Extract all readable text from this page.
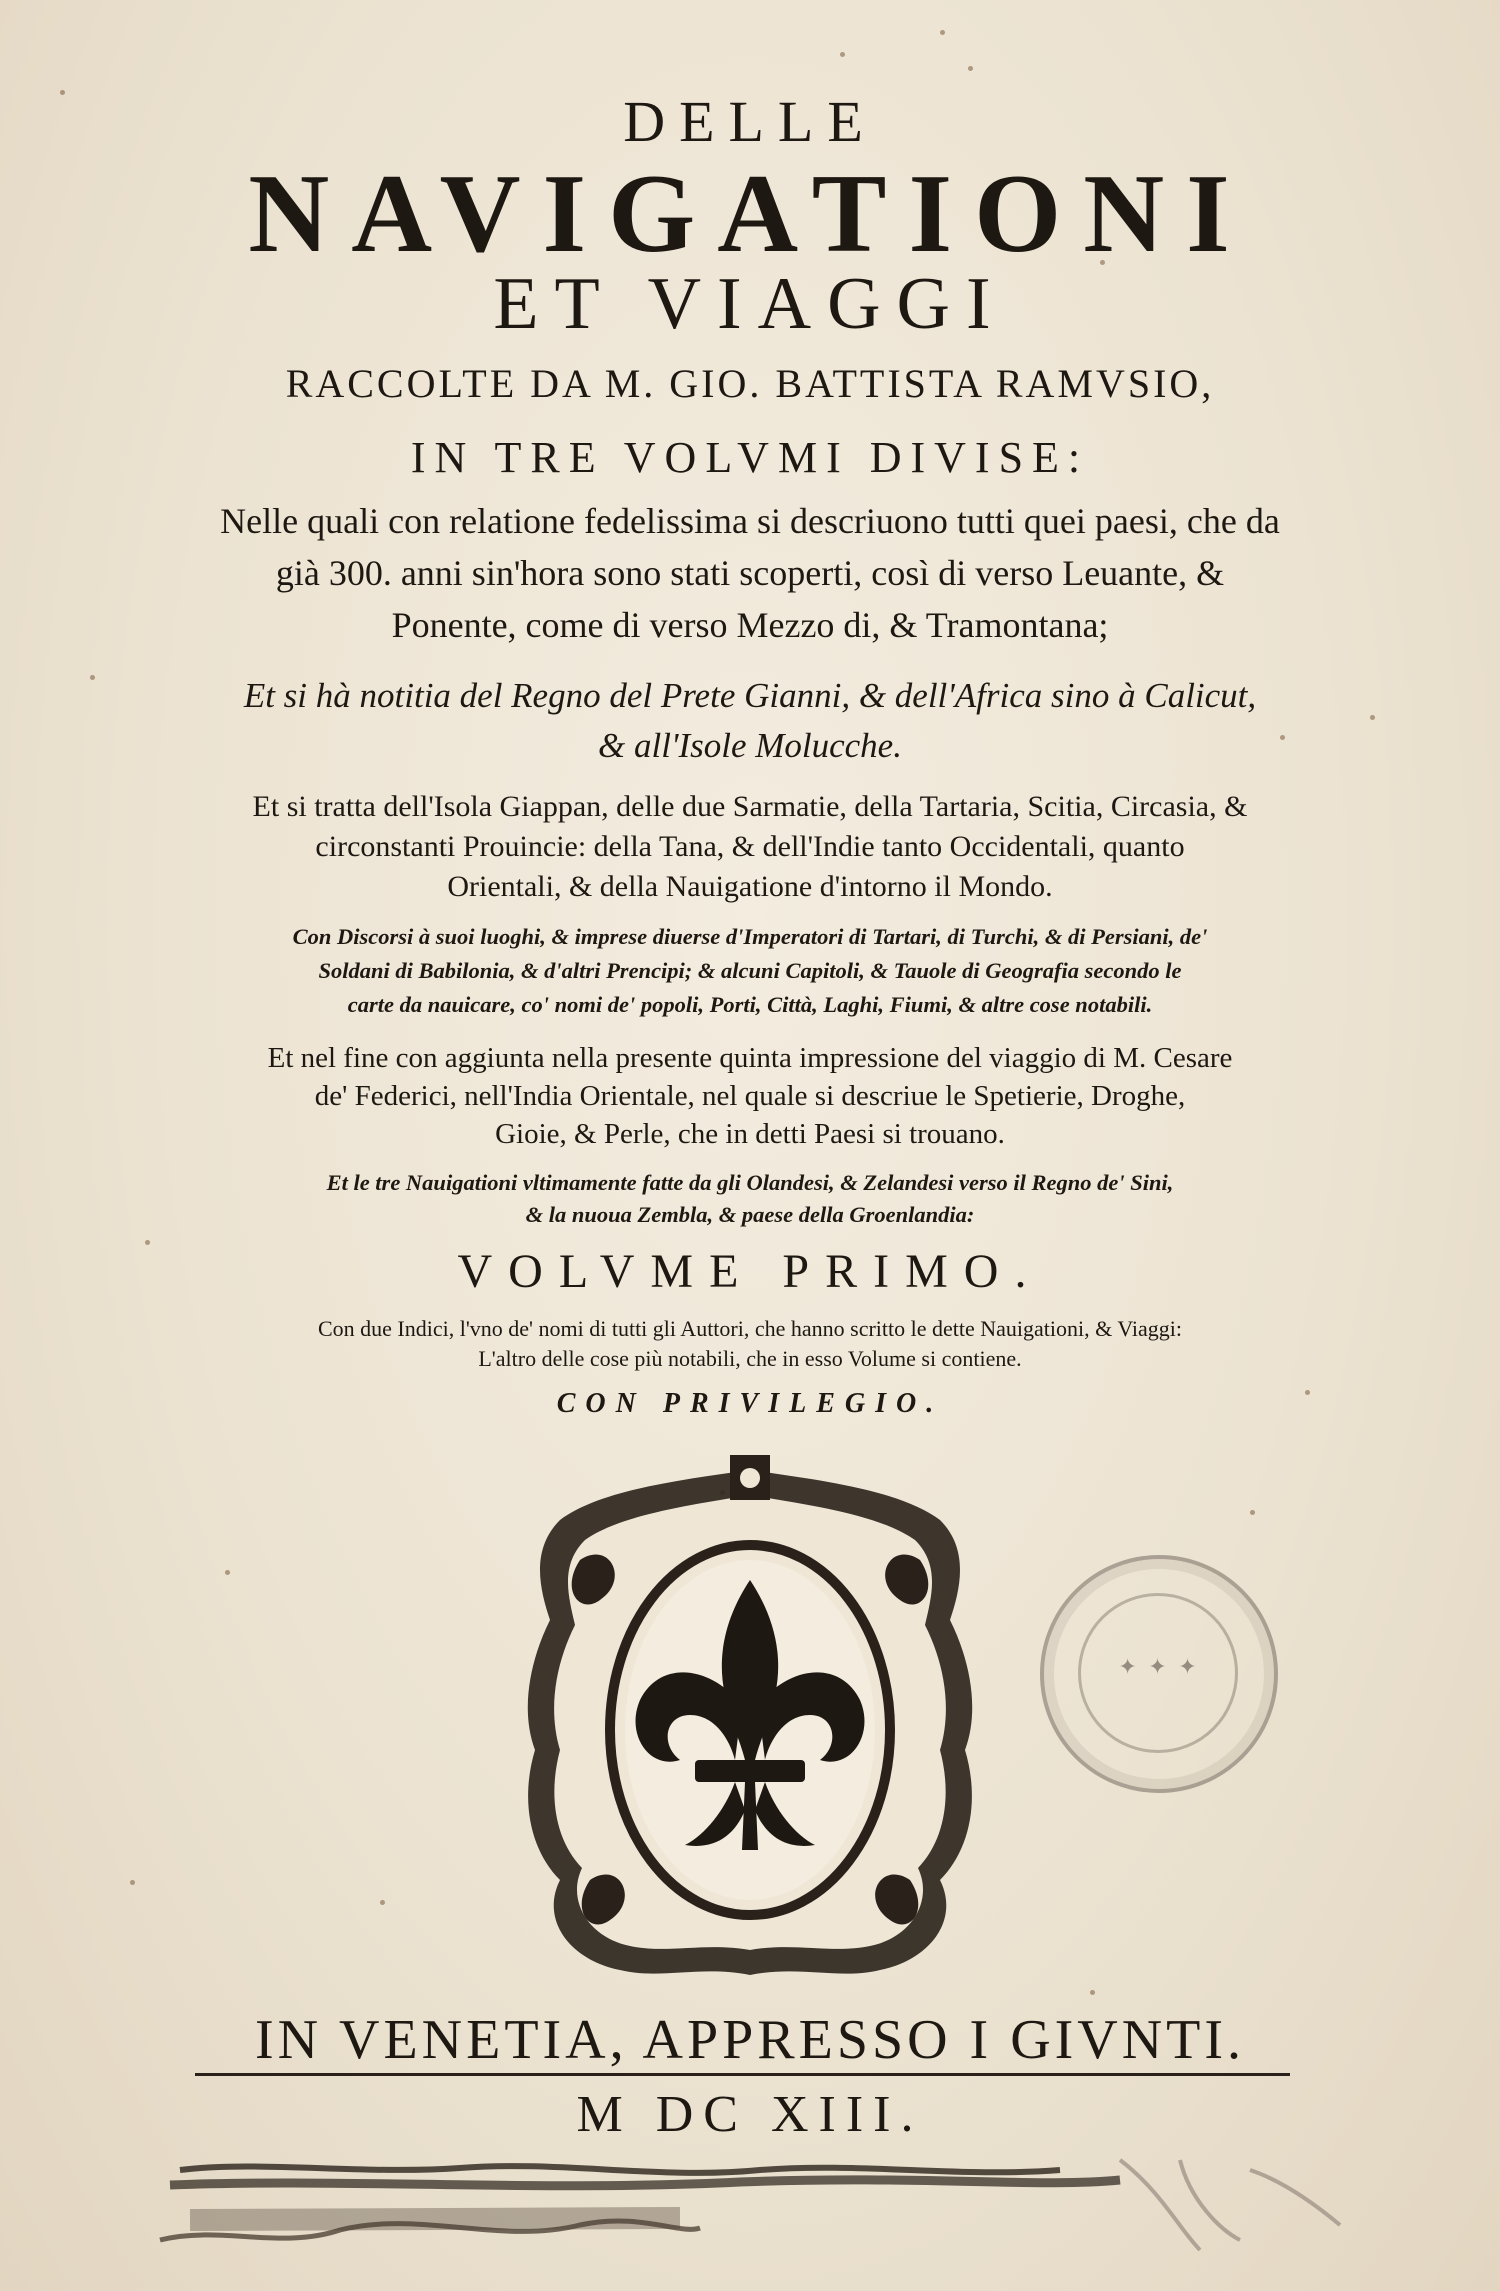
DELLE
NAVIGATIONI
ET VIAGGI
RACCOLTE DA M. GIO. BATTISTA RAMVSIO,
IN TRE VOLVMI DIVISE:
Nelle quali con relatione fedelissima si descriuono tutti quei paesi, che da
già 300. anni sin'hora sono stati scoperti, così di verso Leuante, &
Ponente, come di verso Mezzo di, & Tramontana;
Et si hà notitia del Regno del Prete Gianni, & dell'Africa sino à Calicut,
& all'Isole Molucche.
Et si tratta dell'Isola Giappan, delle due Sarmatie, della Tartaria, Scitia, Circasia, &
circonstanti Prouincie: della Tana, & dell'Indie tanto Occidentali, quanto
Orientali, & della Nauigatione d'intorno il Mondo.
Con Discorsi à suoi luoghi, & imprese diuerse d'Imperatori di Tartari, di Turchi, & di Persiani, de'
Soldani di Babilonia, & d'altri Prencipi; & alcuni Capitoli, & Tauole di Geografia secondo le
carte da nauicare, co' nomi de' popoli, Porti, Città, Laghi, Fiumi, & altre cose notabili.
Et nel fine con aggiunta nella presente quinta impressione del viaggio di M. Cesare
de' Federici, nell'India Orientale, nel quale si descriue le Spetierie, Droghe,
Gioie, & Perle, che in detti Paesi si trouano.
Et le tre Nauigationi vltimamente fatte da gli Olandesi, & Zelandesi verso il Regno de' Sini,
& la nuoua Zembla, & paese della Groenlandia:
VOLVME PRIMO.
Con due Indici, l'vno de' nomi di tutti gli Auttori, che hanno scritto le dette Nauigationi, & Viaggi:
L'altro delle cose più notabili, che in esso Volume si contiene.
CON PRIVILEGIO.
✦ ✦ ✦
IN VENETIA, APPRESSO I GIVNTI.
M DC XIII.
